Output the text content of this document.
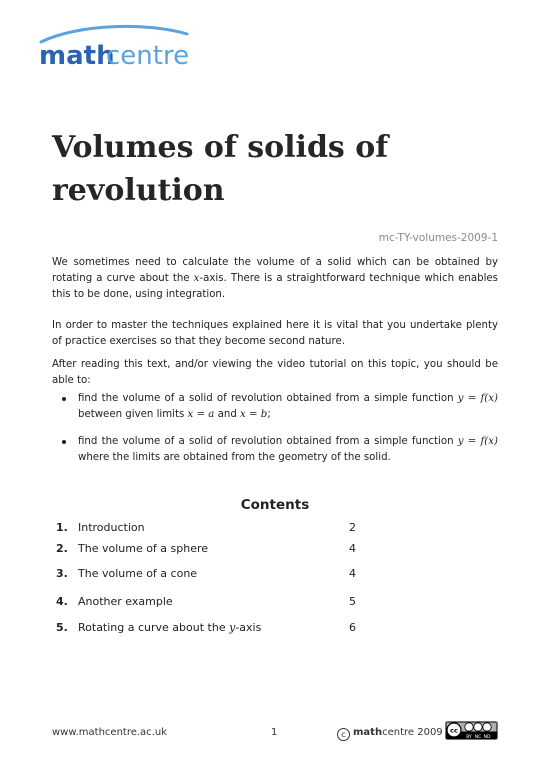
math
centre
Volumes of solids of revolution
mc-TY-volumes-2009-1

We sometimes need to calculate the volume of a solid which can be obtained by rotating a curve about the x-axis. There is a straightforward technique which enables this to be done, using integration.

In order to master the techniques explained here it is vital that you undertake plenty of practice exercises so that they become second nature.

After reading this text, and/or viewing the video tutorial on this topic, you should be able to:

find the volume of a solid of revolution obtained from a simple function y = f(x) between given limits x = a and x = b;
find the volume of a solid of revolution obtained from a simple function y = f(x) where the limits are obtained from the geometry of the solid.
Contents
1. Introduction	2
2. The volume of a sphere	4
3. The volume of a cone	4
4. Another example	5
5. Rotating a curve about the y-axis	6
www.mathcentre.ac.uk	1	c mathcentre 2009 cc
BY NC ND
